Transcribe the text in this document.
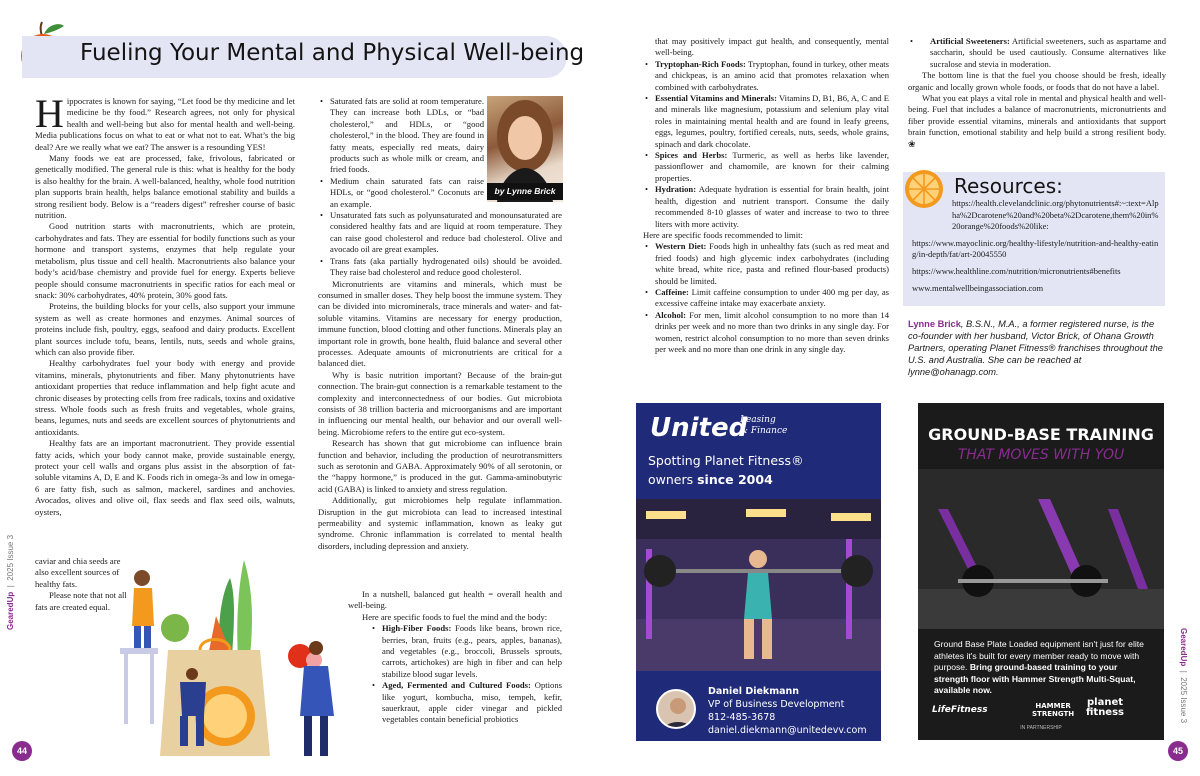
Fueling Your Mental and Physical Well-being

Hippocrates is known for saying, “Let food be thy medicine and let medicine be thy food.” Research agrees, not only for physical health and well-being but also for mental health and well-being. Media publications focus on what to eat or what not to eat. What’s the big deal? Are we really what we eat? The answer is a resounding YES!

Many foods we eat are processed, fake, frivolous, fabricated or genetically modified. The general rule is this: what is healthy for the body is also healthy for the brain. A well-balanced, healthy, whole food nutrition plan supports brain health, helps balance emotional stability and builds a strong resilient body. Below is a “readers digest” refresher course of basic nutrition.

Good nutrition starts with macronutrients, which are protein, carbohydrates and fats. They are essential for bodily functions such as your hormone and transport systems, enzymes that help regulate your metabolism, plus tissue and cell health. Macronutrients also balance your body’s acid/base chemistry and provide fuel for energy. Experts believe people should consume macronutrients in specific ratios for each meal or snack: 30% carbohydrates, 40% protein, 30% good fats.

Proteins, the building blocks for your cells, also support your immune system as well as create hormones and enzymes. Animal sources of proteins include fish, poultry, eggs, seafood and dairy products. Excellent plant sources include tofu, beans, lentils, nuts, seeds and whole grains, which can also provide fiber.

Healthy carbohydrates fuel your body with energy and provide vitamins, minerals, phytonutrients and fiber. Many phytonutrients have antioxidant properties that reduce inflammation and help fight acute and chronic diseases by protecting cells from free radicals, toxins and oxidative stress. Whole foods such as fresh fruits and vegetables, whole grains, beans, legumes, nuts and seeds are excellent sources of phytonutrients and antioxidants.

Healthy fats are an important macronutrient. They provide essential fatty acids, which your body cannot make, provide sustainable energy, protect your cell walls and organs plus assist in the absorption of fat-soluble vitamins A, D, E and K. Foods rich in omega-3s and low in omega-6 are fatty fish, such as salmon, mackerel, sardines and anchovies. Avocados, olives and olive oil, flax seeds and flax seed oils, walnuts, oysters,

caviar and chia seeds are also excellent sources of healthy fats.

Please note that not all fats are created equal.

by Lynne Brick
• Saturated fats are solid at room temperature. They can increase both LDLs, or “bad cholesterol,” and HDLs, or “good cholesterol,” in the blood. They are found in fatty meats, especially red meats, dairy products such as whole milk or cream, and fried foods.
• Medium chain saturated fats can raise HDLs, or “good cholesterol.” Coconuts are an example.
• Unsaturated fats such as polyunsaturated and monounsaturated are considered healthy fats and are liquid at room temperature. They can raise good cholesterol and reduce bad cholesterol. Olive and avocado oil are great examples.
• Trans fats (aka partially hydrogenated oils) should be avoided. They raise bad cholesterol and reduce good cholesterol.

Micronutrients are vitamins and minerals, which must be consumed in smaller doses. They help boost the immune system. They can be divided into microminerals, trace minerals and water- and fat-soluble vitamins. Vitamins are necessary for energy production, immune function, blood clotting and other functions. Minerals play an important role in growth, bone health, fluid balance and several other processes. Adequate amounts of micronutrients are critical for a balanced diet.

Why is basic nutrition important? Because of the brain-gut connection. The brain-gut connection is a remarkable testament to the complexity and interconnectedness of our bodies. Gut microbiota consists of 38 trillion bacteria and microorganisms and are important in influencing our mental health, our behavior and our overall well-being. Microbiome refers to the entire gut eco-system.

Research has shown that gut microbiome can influence brain function and behavior, including the production of neurotransmitters such as serotonin and GABA. Approximately 90% of all serotonin, or the “happy hormone,” is produced in the gut. Gamma-aminobutyric acid (GABA) is linked to anxiety and stress regulation.

Additionally, gut microbiomes help regulate inflammation. Disruption in the gut microbiota can lead to increased intestinal permeability and systemic inflammation, known as leaky gut syndrome. Chronic inflammation is correlated to mental health disorders, including depression and anxiety.

In a nutshell, balanced gut health = overall health and well-being.

Here are specific foods to fuel the mind and the body:

• High-Fiber Foods: Foods like beans, brown rice, berries, bran, fruits (e.g., pears, apples, bananas), and vegetables (e.g., broccoli, Brussels sprouts, carrots, artichokes) are high in fiber and can help stabilize blood sugar levels.
• Aged, Fermented and Cultured Foods: Options like yogurt, kombucha, miso, tempeh, kefir, sauerkraut, apple cider vinegar and pickled vegetables contain beneficial probiotics
GearedUp  |  2025 Issue 3
44

that may positively impact gut health, and consequently, mental well-being.

• Tryptophan-Rich Foods: Tryptophan, found in turkey, other meats and chickpeas, is an amino acid that promotes relaxation when combined with carbohydrates.
• Essential Vitamins and Minerals: Vitamins D, B1, B6, A, C and E and minerals like magnesium, potassium and selenium play vital roles in maintaining mental health and are found in leafy greens, eggs, legumes, poultry, fortified cereals, nuts, seeds, whole grains, spinach and dark chocolate.
• Spices and Herbs: Turmeric, as well as herbs like lavender, passionflower and chamomile, are known for their calming properties.
• Hydration: Adequate hydration is essential for brain health, joint health, digestion and nutrient transport. Consume the daily recommended 8-10 glasses of water and increase to two to three liters with more activity.

Here are specific foods recommended to limit:

• Western Diet: Foods high in unhealthy fats (such as red meat and fried foods) and high glycemic index carbohydrates (including white bread, white rice, pasta and refined flour-based products) should be limited.
• Caffeine: Limit caffeine consumption to under 400 mg per day, as excessive caffeine intake may exacerbate anxiety.
• Alcohol: For men, limit alcohol consumption to no more than 14 drinks per week and no more than two drinks in any single day. For women, restrict alcohol consumption to no more than seven drinks per week and no more than one drink in any single day.
• Artificial Sweeteners: Artificial sweeteners, such as aspartame and saccharin, should be used cautiously. Consume alternatives like sucralose and stevia in moderation.

The bottom line is that the fuel you choose should be fresh, ideally organic and locally grown whole foods, or foods that do not have a label.

What you eat plays a vital role in mental and physical health and well-being. Fuel that includes a balance of macronutrients, micronutrients and fiber provide essential vitamins, minerals and antioxidants that support brain function, emotional stability and help build a strong resilient body. ❀

Resources:
https://health.clevelandclinic.org/phytonutrients#:~:text=Alpha%2Dcarotene%20and%20beta%2Dcarotene,them%20in%20orange%20foods%20like:
https://www.mayoclinic.org/healthy-lifestyle/nutrition-and-healthy-eating/in-depth/fat/art-20045550
https://www.healthline.com/nutrition/micronutrients#benefits
www.mentalwellbeingassociation.com
Lynne Brick, B.S.N., M.A., a former registered nurse, is the co-founder with her husband, Victor Brick, of Ohana Growth Partners, operating Planet Fitness® franchises throughout the U.S. and Australia. She can be reached at lynne@ohanagp.com.
United
Leasing
& Finance
Spotting Planet Fitness®
owners since 2004
Daniel Diekmann
VP of Business Development
812-485-3678
daniel.diekmann@unitedevv.com
GROUND-BASE TRAINING
THAT MOVES WITH YOU
Ground Base Plate Loaded equipment isn't just for elite athletes it's built for every member ready to move with purpose. Bring ground-based training to your strength floor with Hammer Strength Multi-Squat, available now.
LifeFitness	HAMMER
STRENGTH
planet
fitness
IN PARTNERSHIP
GearedUp  |  2025 Issue 3
45
